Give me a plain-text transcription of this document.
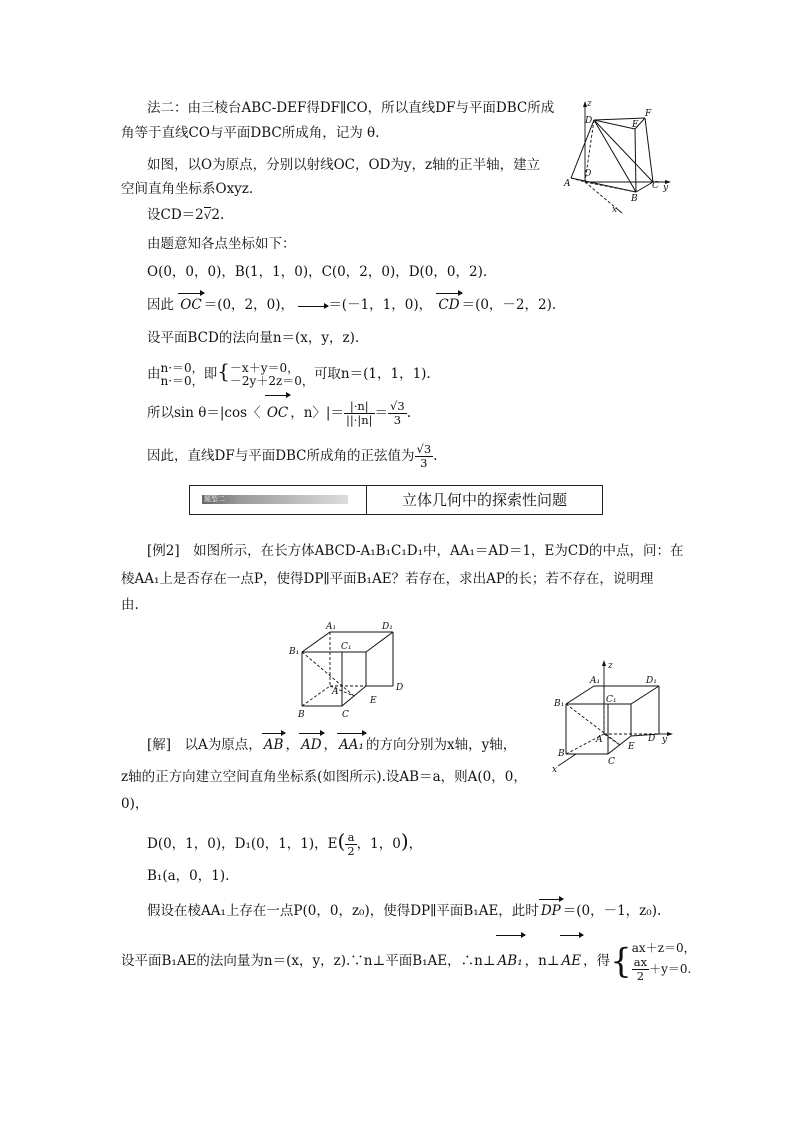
z
D
F
E
A
O
C y
B
x
法二：由三棱台ABC-DEF得DF∥CO，所以直线DF与平面DBC所成
角等于直线CO与平面DBC所成角，记为 θ.
如图，以O为原点，分别以射线OC，OD为y，z轴的正半轴，建立
空间直角坐标系Oxyz.
设CD＝2√2.
由题意知各点坐标如下：
O(0，0，0)，B(1，1，0)，C(0，2，0)，D(0，0，2).
因此 OC ＝(0，2，0)，	＝(－1，1，0)， CD ＝(0，－2，2).
设平面BCD的法向量n＝(x，y，z).
由 n·＝0，
n·＝0， 即{ －x＋y＝0，
－2y＋2z＝0， 可取n＝(1，1，1).
所以sin θ＝|cos〈 OC ，n〉|＝ $\frac{|\cdot n|}{||\cdot|n|} = \frac{√3}{3}$ .
因此，直线DF与平面DBC所成角的正弦值为 $\frac{√3}{3}$ .
题型二	立体几何中的探索性问题
[例2]　如图所示，在长方体ABCD-A₁B₁C₁D₁中，AA₁＝AD＝1，E为CD的中点，问：在
棱AA₁上是否存在一点P，使得DP∥平面B₁AE？若存在，求出AP的长；若不存在，说明理
由.
A₁	D₁
B₁	C₁
A	D
B
E
C
z
A₁	D₁
B₁	C₁
A	D y
B
E
C
x
[解]　以A为原点， AB ， AD ， AA₁ 的方向分别为x轴，y轴，
z轴的正方向建立空间直角坐标系(如图所示).设AB＝a，则A(0，0，
0)，
D(0，1，0)，D₁(0，1，1)，$E( \frac{a}{2}$ ，1，0)，
B₁(a，0，1).
假设在棱AA₁上存在一点P(0，0，z₀)，使得DP∥平面B₁AE，此时 DP ＝(0，－1，z₀).
设平面B₁AE的法向量为n＝(x，y，z).∵n⊥平面B₁AE，∴n⊥ AB₁ ，n⊥ AE ，得{ ax＋z＝0，
$\frac{ax}{2} +y=0$.
